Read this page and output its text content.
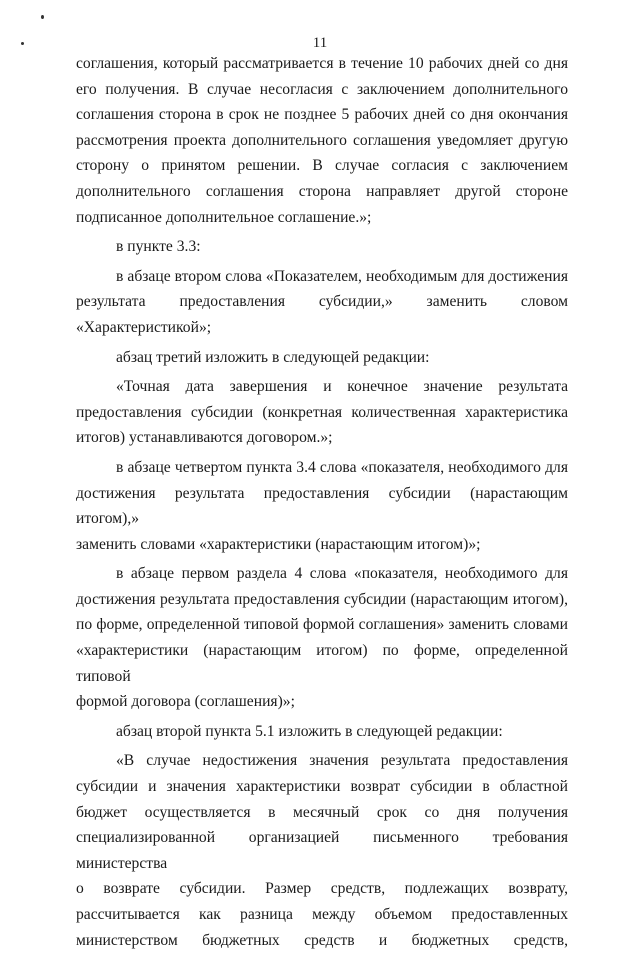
11

соглашения, который рассматривается в течение 10 рабочих дней со дня

его получения. В случае несогласия с заключением дополнительного

соглашения сторона в срок не позднее 5 рабочих дней со дня окончания

рассмотрения проекта дополнительного соглашения уведомляет другую

сторону о принятом решении. В случае согласия с заключением

дополнительного соглашения сторона направляет другой стороне

подписанное дополнительное соглашение.»;

в пункте 3.3:

в абзаце втором слова «Показателем, необходимым для достижения

результата предоставления субсидии,» заменить словом

«Характеристикой»;

абзац третий изложить в следующей редакции:

«Точная дата завершения и конечное значение результата

предоставления субсидии (конкретная количественная характеристика

итогов) устанавливаются договором.»;

в абзаце четвертом пункта 3.4 слова «показателя, необходимого для

достижения результата предоставления субсидии (нарастающим итогом),»

заменить словами «характеристики (нарастающим итогом)»;

в абзаце первом раздела 4 слова «показателя, необходимого для

достижения результата предоставления субсидии (нарастающим итогом),

по форме, определенной типовой формой соглашения» заменить словами

«характеристики (нарастающим итогом) по форме, определенной типовой

формой договора (соглашения)»;

абзац второй пункта 5.1 изложить в следующей редакции:

«В случае недостижения значения результата предоставления

субсидии и значения характеристики возврат субсидии в областной

бюджет осуществляется в месячный срок со дня получения

специализированной организацией письменного требования министерства

о возврате субсидии. Размер средств, подлежащих возврату,

рассчитывается как разница между объемом предоставленных

министерством бюджетных средств и бюджетных средств,
